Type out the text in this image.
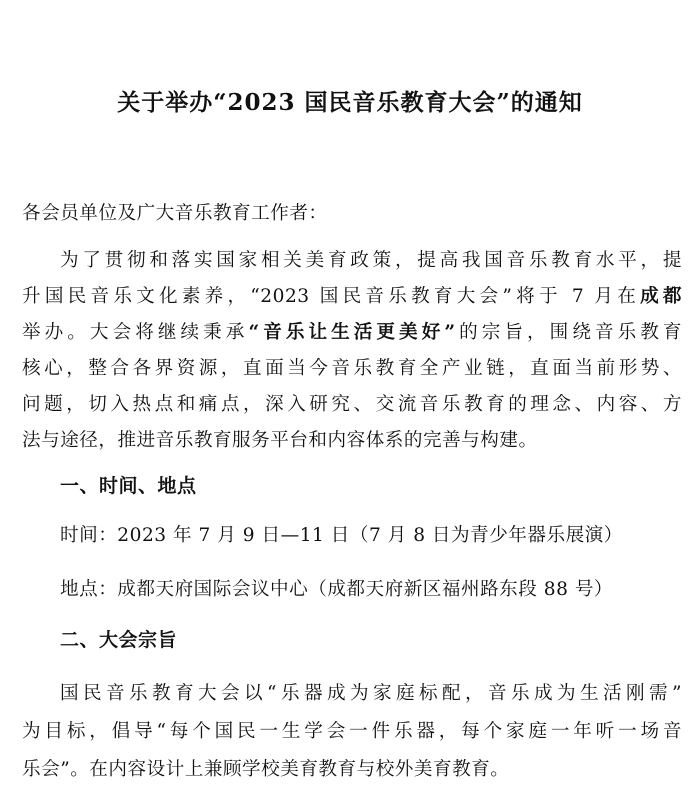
关于举办“2023 国民音乐教育大会”的通知
各会员单位及广大音乐教育工作者：
为了贯彻和落实国家相关美育政策，提高我国音乐教育水平，提
升国民音乐文化素养，“2023 国民音乐教育大会”将于 7 月在成都
举办。大会将继续秉承“音乐让生活更美好”的宗旨，围绕音乐教育
核心，整合各界资源，直面当今音乐教育全产业链，直面当前形势、
问题，切入热点和痛点，深入研究、交流音乐教育的理念、内容、方
法与途径，推进音乐教育服务平台和内容体系的完善与构建。
一、时间、地点
时间：2023 年 7 月 9 日—11 日（7 月 8 日为青少年器乐展演）
地点：成都天府国际会议中心（成都天府新区福州路东段 88 号）
二、大会宗旨
国民音乐教育大会以“乐器成为家庭标配，音乐成为生活刚需”
为目标，倡导“每个国民一生学会一件乐器，每个家庭一年听一场音
乐会”。在内容设计上兼顾学校美育教育与校外美育教育。
